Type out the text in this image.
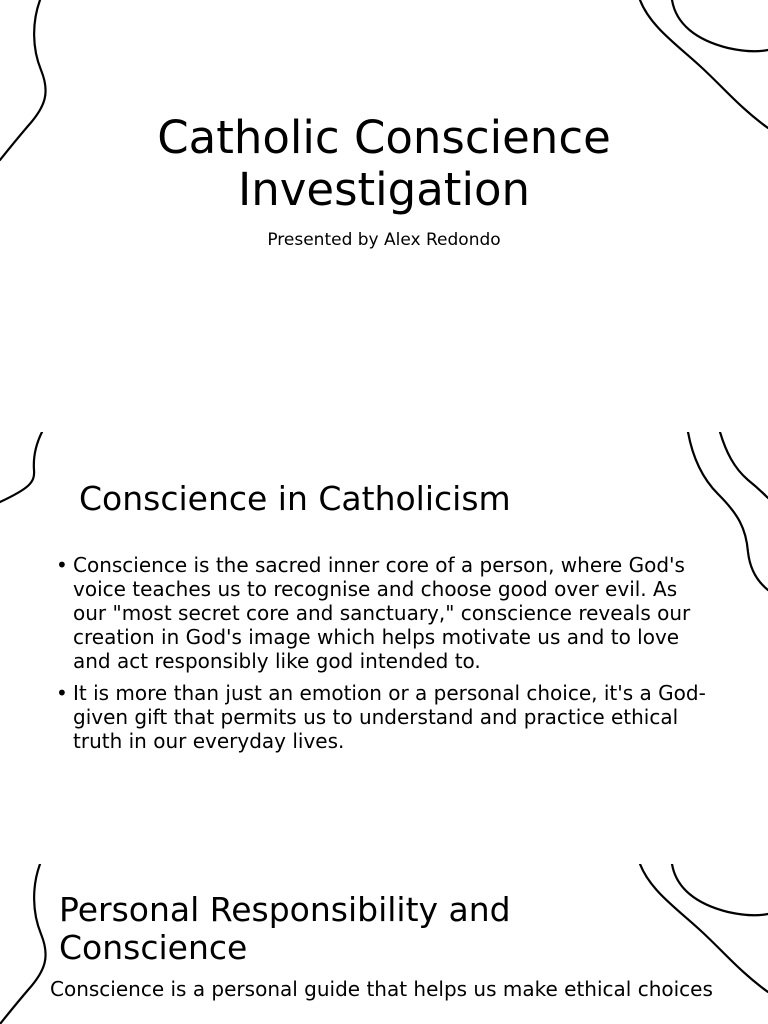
Catholic Conscience Investigation

Presented by Alex Redondo

Conscience in Catholicism
• Conscience is the sacred inner core of a person, where God's voice teaches us to recognise and choose good over evil. As our "most secret core and sanctuary," conscience reveals our creation in God's image which helps motivate us and to love and act responsibly like god intended to.
• It is more than just an emotion or a personal choice, it's a God-given gift that permits us to understand and practice ethical truth in our everyday lives.
Personal Responsibility and Conscience

Conscience is a personal guide that helps us make ethical choices
